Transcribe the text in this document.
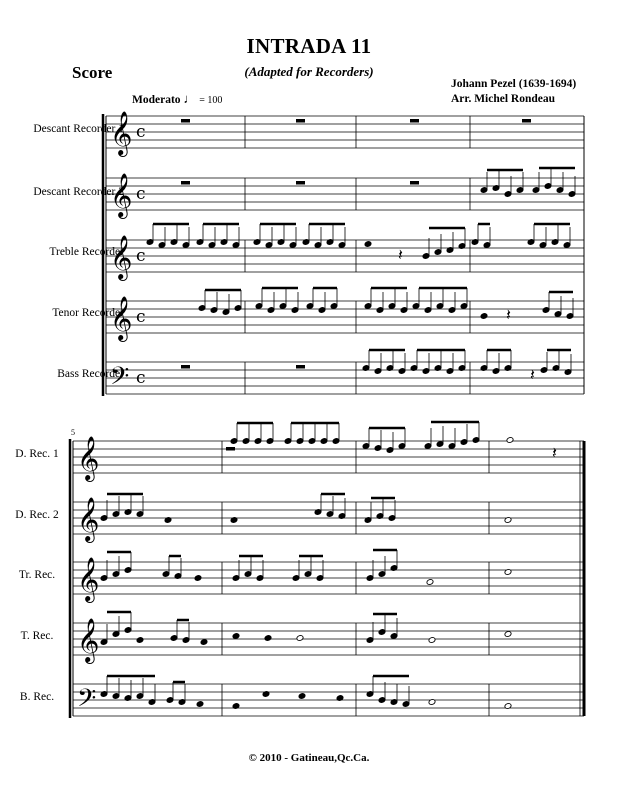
INTRADA 11
(Adapted for Recorders)
Score
Johann Pezel (1639-1694)
Arr. Michel Rondeau
Moderato ♩ = 100
Descant Recorder 1
Descant Recorder 2
Treble Recorder
Tenor Recorder
Bass Recorder
D. Rec. 1
D. Rec. 2
Tr. Rec.
T. Rec.
B. Rec.
5
𝄞 c
𝄞 c
𝄞 c
𝄞 c
𝄢 c
𝄞
𝄞
𝄞
𝄞
𝄢
𝄽
𝄽
𝄽
𝄽
© 2010 - Gatineau,Qc.Ca.
